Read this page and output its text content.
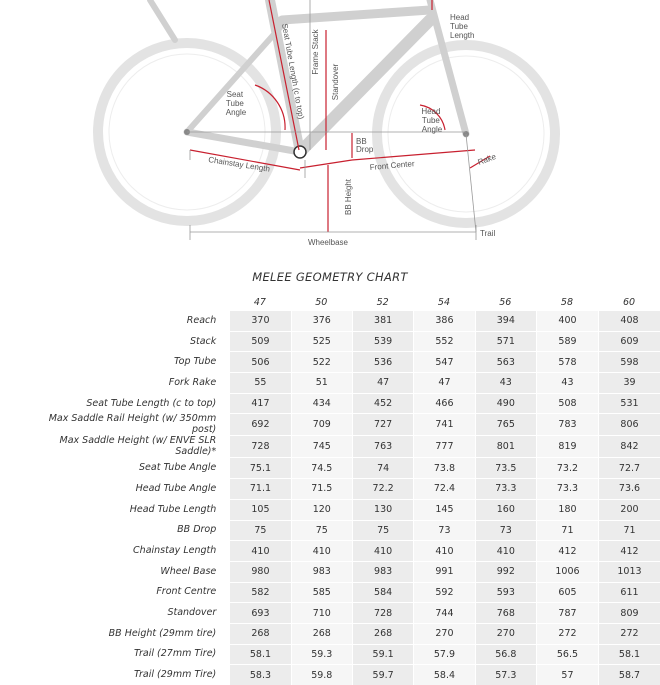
Seat Tube Length (c to top) Frame Stack
Standover
Seat Tube Angle
Head Tube Length
Head Tube Angle
BB Drop
Chainstay Length	Front Center	Rake
BB Height
Trail
Wheelbase
MELEE GEOMETRY CHART
	47	50	52	54	56	58	60
Reach	370	376	381	386	394	400	408
Stack	509	525	539	552	571	589	609
Top Tube	506	522	536	547	563	578	598
Fork Rake	55	51	47	47	43	43	39
Seat Tube Length (c to top)	417	434	452	466	490	508	531
Max Saddle Rail Height (w/ 350mm post)	692	709	727	741	765	783	806
Max Saddle Height (w/ ENVE SLR Saddle)*	728	745	763	777	801	819	842
Seat Tube Angle	75.1	74.5	74	73.8	73.5	73.2	72.7
Head Tube Angle	71.1	71.5	72.2	72.4	73.3	73.3	73.6
Head Tube Length	105	120	130	145	160	180	200
BB Drop	75	75	75	73	73	71	71
Chainstay Length	410	410	410	410	410	412	412
Wheel Base	980	983	983	991	992	1006	1013
Front Centre	582	585	584	592	593	605	611
Standover	693	710	728	744	768	787	809
BB Height (29mm tire)	268	268	268	270	270	272	272
Trail (27mm Tire)	58.1	59.3	59.1	57.9	56.8	56.5	58.1
Trail (29mm Tire)	58.3	59.8	59.7	58.4	57.3	57	58.7
